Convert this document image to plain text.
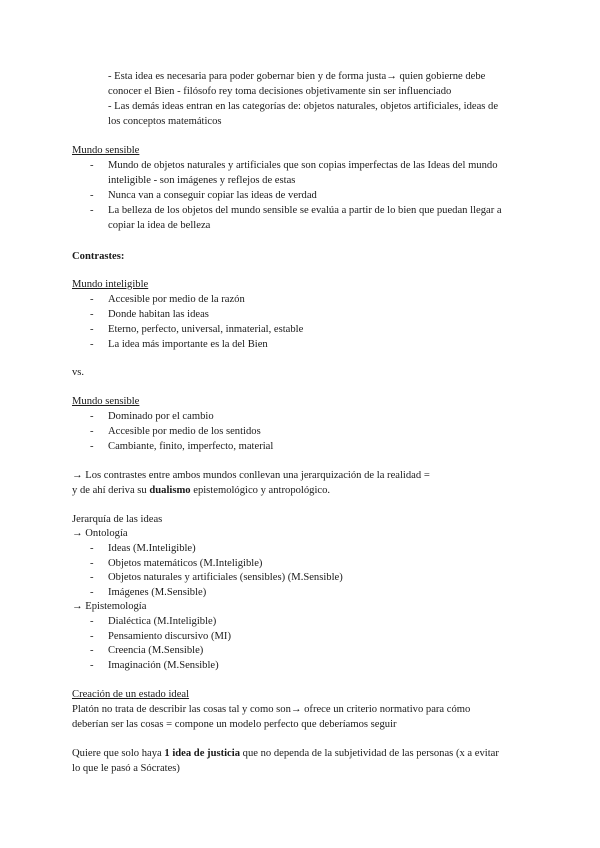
- Esta idea es necesaria para poder gobernar bien y de forma justa→ quien gobierne debe
conocer el Bien - filósofo rey toma decisiones objetivamente sin ser influenciado
- Las demás ideas entran en las categorías de: objetos naturales, objetos artificiales, ideas de
los conceptos matemáticos
Mundo sensible
- Mundo de objetos naturales y artificiales que son copias imperfectas de las Ideas del mundo
inteligible - son imágenes y reflejos de estas
- Nunca van a conseguir copiar las ideas de verdad
- La belleza de los objetos del mundo sensible se evalúa a partir de lo bien que puedan llegar a
copiar la idea de belleza
Contrastes:
Mundo inteligible
- Accesible por medio de la razón
- Donde habitan las ideas
- Eterno, perfecto, universal, inmaterial, estable
- La idea más importante es la del Bien
vs.
Mundo sensible
- Dominado por el cambio
- Accesible por medio de los sentidos
- Cambiante, finito, imperfecto, material
→ Los contrastes entre ambos mundos conllevan una jerarquización de la realidad =
y de ahí deriva su dualismo epistemológico y antropológico.
Jerarquía de las ideas
→ Ontología
- Ideas (M.Inteligible)
- Objetos matemáticos (M.Inteligible)
- Objetos naturales y artificiales (sensibles) (M.Sensible)
- Imágenes (M.Sensible)
→ Epistemología
- Dialéctica (M.Inteligible)
- Pensamiento discursivo (MI)
- Creencia (M.Sensible)
- Imaginación (M.Sensible)
Creación de un estado ideal
Platón no trata de describir las cosas tal y como son→ ofrece un criterio normativo para cómo
deberían ser las cosas = compone un modelo perfecto que deberíamos seguir
Quiere que solo haya 1 idea de justicia que no dependa de la subjetividad de las personas (x a evitar
lo que le pasó a Sócrates)
